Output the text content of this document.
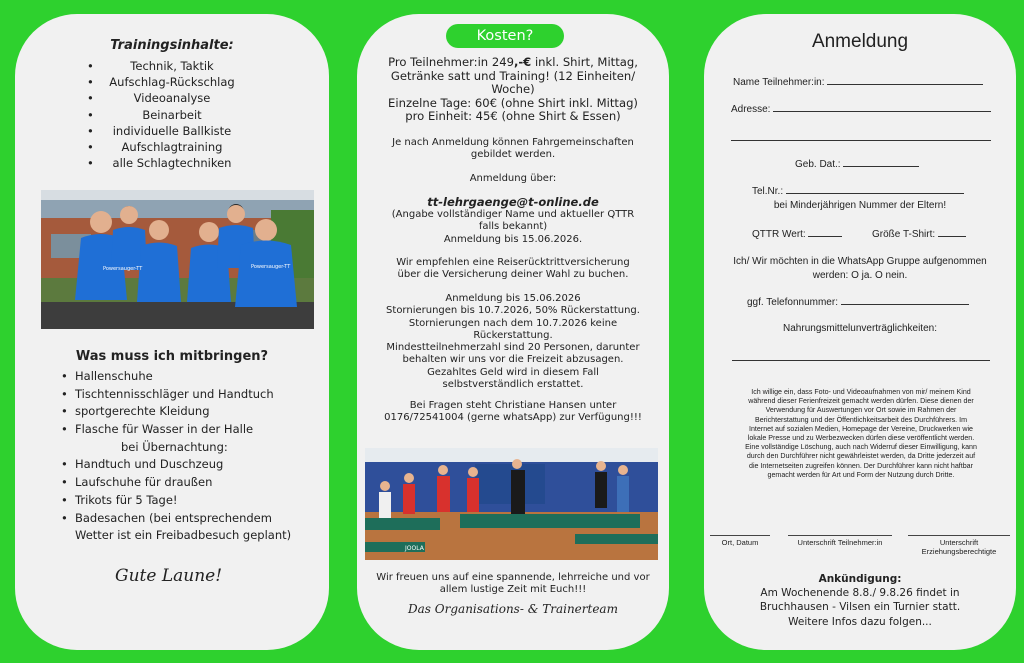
Trainingsinhalte:
• Technik, Taktik
• Aufschlag-Rückschlag
• Videoanalyse
• Beinarbeit
• individuelle Ballkiste
• Aufschlagtraining
• alle Schlagtechniken
Powersauger-TT	Powersauger-TT
Was muss ich mitbringen?
• Hallenschuhe
• Tischtennisschläger und Handtuch
• sportgerechte Kleidung
• Flasche für Wasser in der Halle
bei Übernachtung:
• Handtuch und Duschzeug
• Laufschuhe für draußen
• Trikots für 5 Tage!
• Badesachen (bei entsprechendem
Wetter ist ein Freibadbesuch geplant)
Gute Laune!
Kosten?
Pro Teilnehmer:in 249,-€ inkl. Shirt, Mittag,
Getränke satt und Training! (12 Einheiten/
Woche)
Einzelne Tage: 60€ (ohne Shirt inkl. Mittag)
pro Einheit: 45€ (ohne Shirt & Essen)
Je nach Anmeldung können Fahrgemeinschaften
gebildet werden.
Anmeldung über:
tt-lehrgaenge@t-online.de
(Angabe vollständiger Name und aktueller QTTR
falls bekannt)
Anmeldung bis 15.06.2026.
Wir empfehlen eine Reiserücktrittversicherung
über die Versicherung deiner Wahl zu buchen.
Anmeldung bis 15.06.2026
Stornierungen bis 10.7.2026, 50% Rückerstattung.
Stornierungen nach dem 10.7.2026 keine
Rückerstattung.
Mindestteilnehmerzahl sind 20 Personen, darunter
behalten wir uns vor die Freizeit abzusagen.
Gezahltes Geld wird in diesem Fall
selbstverständlich erstattet.
Bei Fragen steht Christiane Hansen unter
0176/72541004 (gerne whatsApp) zur Verfügung!!!
JOOLA
Wir freuen uns auf eine spannende, lehrreiche und vor
allem lustige Zeit mit Euch!!!
Das Organisations- & Trainerteam
Anmeldung
Name Teilnehmer:in:
Adresse:
Geb. Dat.:
Tel.Nr.:
bei Minderjährigen Nummer der Eltern!
QTTR Wert:	Größe T-Shirt:
Ich/ Wir möchten in die WhatsApp Gruppe aufgenommen
werden: O ja. O nein.
ggf. Telefonnummer:
Nahrungsmittelunverträglichkeiten:
Ich willige ein, dass Foto- und Videoaufnahmen von mir/ meinem Kind
während dieser Ferienfreizeit gemacht werden dürfen. Diese dienen der
Verwendung für Auswertungen vor Ort sowie im Rahmen der
Berichterstattung und der Öffentlichkeitsarbeit des Durchführers. Im
Internet auf sozialen Medien, Homepage der Vereine, Druckwerken wie
lokale Presse und zu Werbezwecken dürfen diese veröffentlicht werden.
Eine vollständige Löschung, auch nach Widerruf dieser Einwilligung, kann
durch den Durchführer nicht gewährleistet werden, da Dritte jederzeit auf
die Internetseiten zugreifen können. Der Durchführer kann nicht haftbar
gemacht werden für Art und Form der Nutzung durch Dritte.
Ort, Datum	Unterschrift Teilnehmer:in	Unterschrift
Erziehungsberechtigte
Ankündigung:
Am Wochenende 8.8./ 9.8.26 findet in
Bruchhausen - Vilsen ein Turnier statt.
Weitere Infos dazu folgen...
